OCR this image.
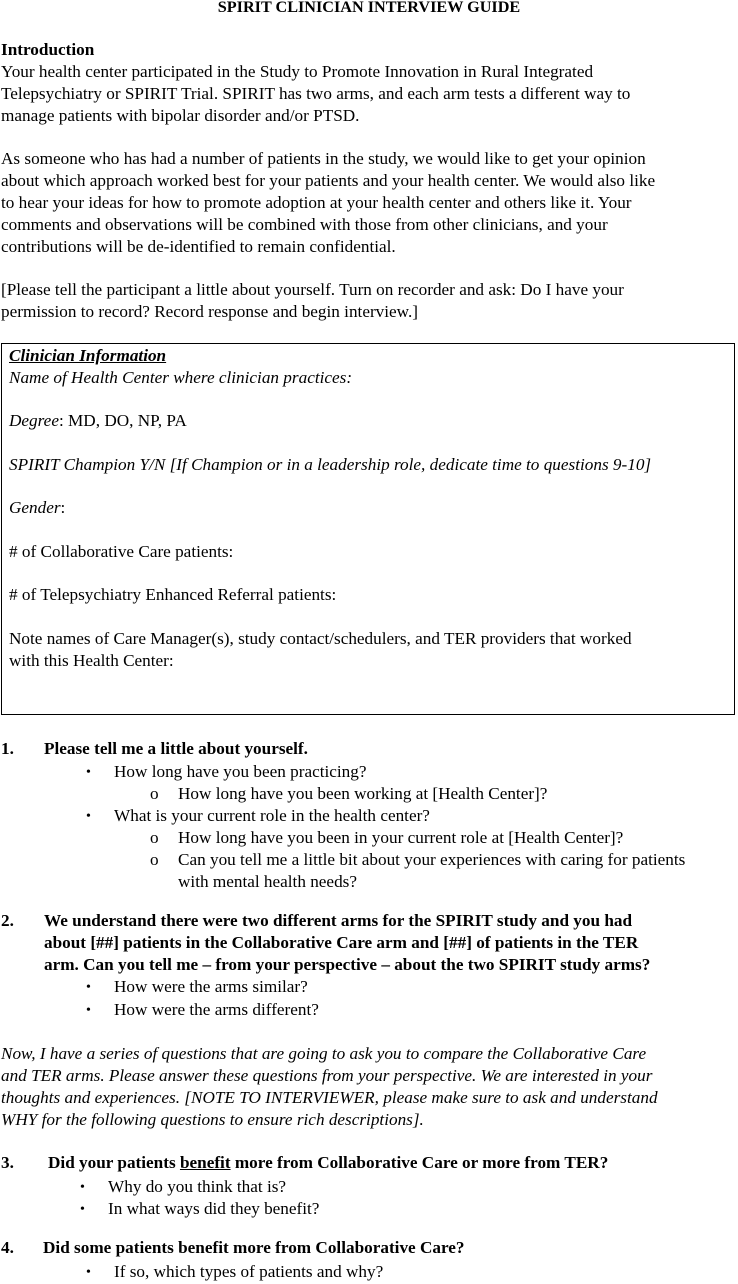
SPIRIT CLINICIAN INTERVIEW GUIDE
Introduction
Your health center participated in the Study to Promote Innovation in Rural Integrated
Telepsychiatry or SPIRIT Trial. SPIRIT has two arms, and each arm tests a different way to
manage patients with bipolar disorder and/or PTSD.
As someone who has had a number of patients in the study, we would like to get your opinion
about which approach worked best for your patients and your health center. We would also like
to hear your ideas for how to promote adoption at your health center and others like it. Your
comments and observations will be combined with those from other clinicians, and your
contributions will be de-identified to remain confidential.
[Please tell the participant a little about yourself. Turn on recorder and ask: Do I have your
permission to record? Record response and begin interview.]
Clinician Information
Name of Health Center where clinician practices:
Degree: MD, DO, NP, PA
SPIRIT Champion Y/N [If Champion or in a leadership role, dedicate time to questions 9-10]
Gender:
# of Collaborative Care patients:
# of Telepsychiatry Enhanced Referral patients:
Note names of Care Manager(s), study contact/schedulers, and TER providers that worked
with this Health Center:
1. Please tell me a little about yourself.
• How long have you been practicing?
o How long have you been working at [Health Center]?
• What is your current role in the health center?
o How long have you been in your current role at [Health Center]?
o Can you tell me a little bit about your experiences with caring for patients
with mental health needs?
2. We understand there were two different arms for the SPIRIT study and you had
about [##] patients in the Collaborative Care arm and [##] of patients in the TER
arm. Can you tell me – from your perspective – about the two SPIRIT study arms?
• How were the arms similar?
• How were the arms different?
Now, I have a series of questions that are going to ask you to compare the Collaborative Care
and TER arms. Please answer these questions from your perspective. We are interested in your
thoughts and experiences. [NOTE TO INTERVIEWER, please make sure to ask and understand
WHY for the following questions to ensure rich descriptions].
3. Did your patients benefit more from Collaborative Care or more from TER?
• Why do you think that is?
• In what ways did they benefit?
4. Did some patients benefit more from Collaborative Care?
• If so, which types of patients and why?
